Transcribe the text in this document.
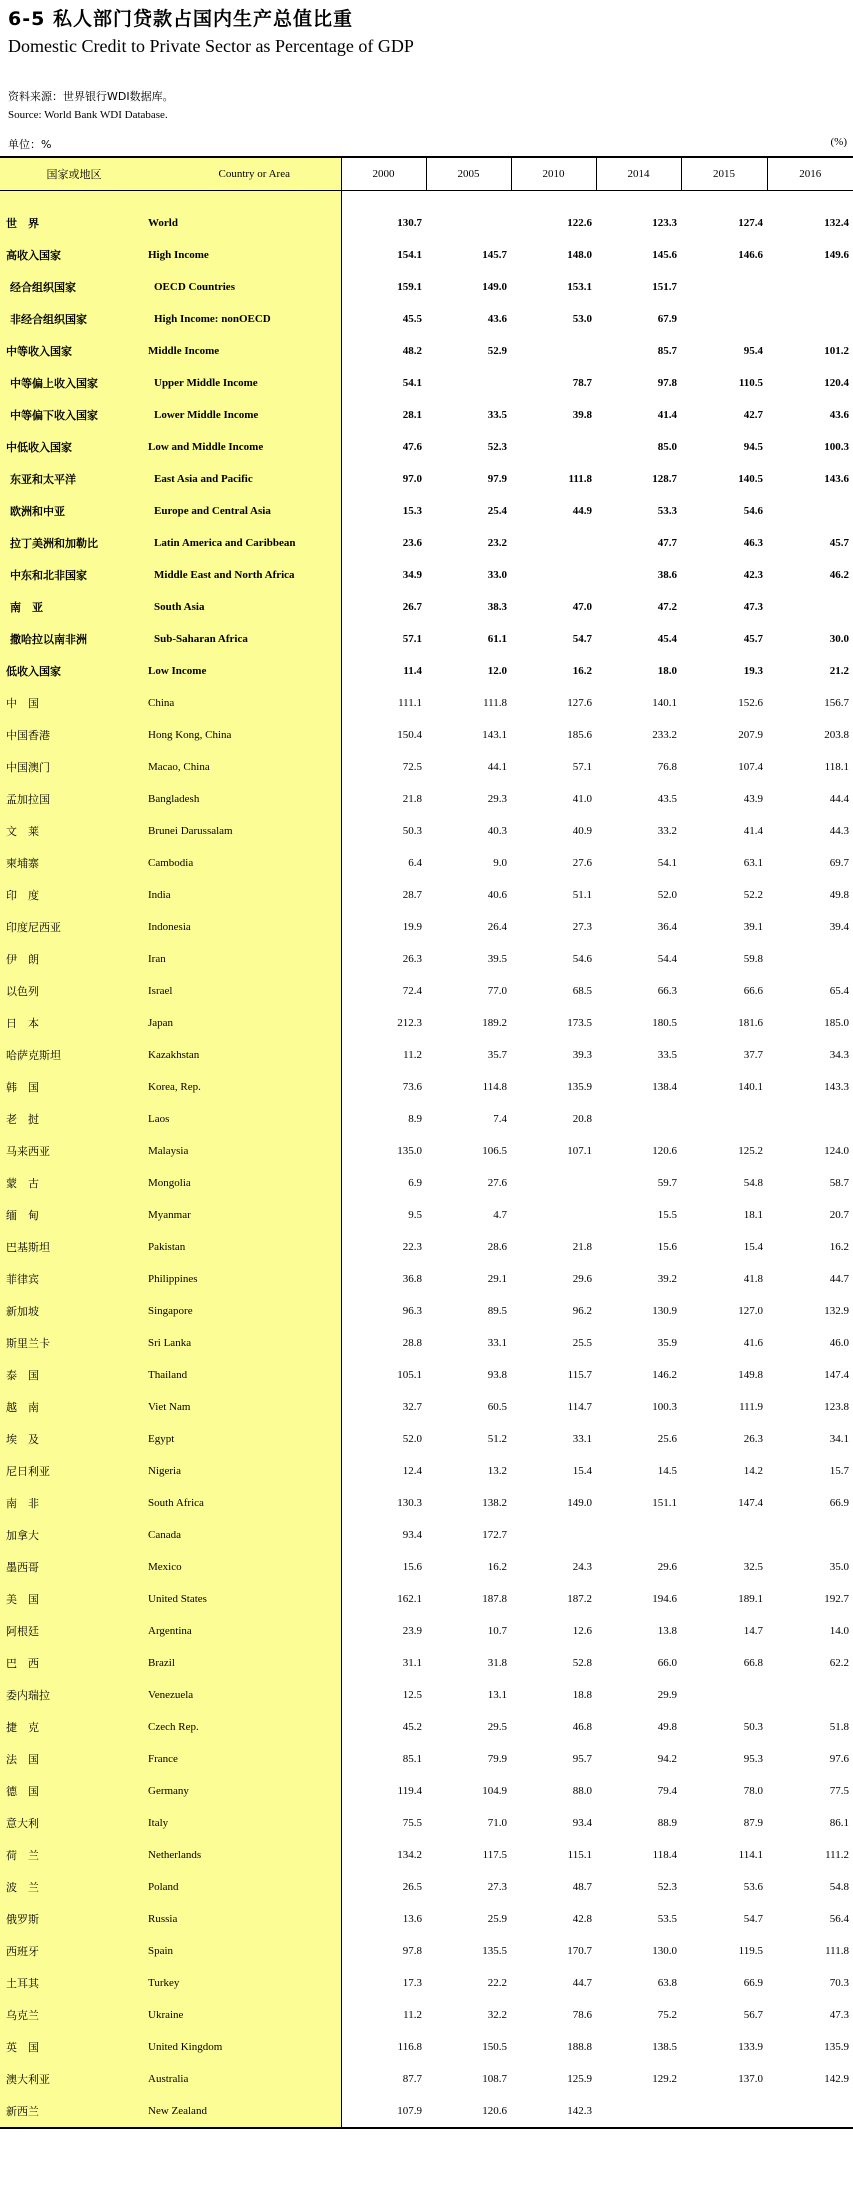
6-5 私人部门贷款占国内生产总值比重
Domestic Credit to Private Sector as Percentage of GDP
资料来源：世界银行WDI数据库。
Source: World Bank WDI Database.
单位：%	(%)
国家或地区 Country or Area	2000	2005	2010	2014	2015	2016

世　界 World	130.7		122.6	123.3	127.4	132.4
高收入国家 High Income	154.1	145.7	148.0	145.6	146.6	149.6
经合组织国家 OECD Countries	159.1	149.0	153.1	151.7		
非经合组织国家 High Income: nonOECD	45.5	43.6	53.0	67.9		
中等收入国家 Middle Income	48.2	52.9		85.7	95.4	101.2
中等偏上收入国家 Upper Middle Income	54.1		78.7	97.8	110.5	120.4
中等偏下收入国家 Lower Middle Income	28.1	33.5	39.8	41.4	42.7	43.6
中低收入国家 Low and Middle Income	47.6	52.3		85.0	94.5	100.3
东亚和太平洋 East Asia and Pacific	97.0	97.9	111.8	128.7	140.5	143.6
欧洲和中亚 Europe and Central Asia	15.3	25.4	44.9	53.3	54.6	
拉丁美洲和加勒比 Latin America and Caribbean	23.6	23.2		47.7	46.3	45.7
中东和北非国家 Middle East and North Africa	34.9	33.0		38.6	42.3	46.2
南　亚 South Asia	26.7	38.3	47.0	47.2	47.3	
撒哈拉以南非洲 Sub-Saharan Africa	57.1	61.1	54.7	45.4	45.7	30.0
低收入国家 Low Income	11.4	12.0	16.2	18.0	19.3	21.2
中　国 China	111.1	111.8	127.6	140.1	152.6	156.7
中国香港 Hong Kong, China	150.4	143.1	185.6	233.2	207.9	203.8
中国澳门 Macao, China	72.5	44.1	57.1	76.8	107.4	118.1
孟加拉国 Bangladesh	21.8	29.3	41.0	43.5	43.9	44.4
文　莱 Brunei Darussalam	50.3	40.3	40.9	33.2	41.4	44.3
柬埔寨 Cambodia	6.4	9.0	27.6	54.1	63.1	69.7
印　度 India	28.7	40.6	51.1	52.0	52.2	49.8
印度尼西亚 Indonesia	19.9	26.4	27.3	36.4	39.1	39.4
伊　朗 Iran	26.3	39.5	54.6	54.4	59.8	
以色列 Israel	72.4	77.0	68.5	66.3	66.6	65.4
日　本 Japan	212.3	189.2	173.5	180.5	181.6	185.0
哈萨克斯坦 Kazakhstan	11.2	35.7	39.3	33.5	37.7	34.3
韩　国 Korea, Rep.	73.6	114.8	135.9	138.4	140.1	143.3
老　挝 Laos	8.9	7.4	20.8			
马来西亚 Malaysia	135.0	106.5	107.1	120.6	125.2	124.0
蒙　古 Mongolia	6.9	27.6		59.7	54.8	58.7
缅　甸 Myanmar	9.5	4.7		15.5	18.1	20.7
巴基斯坦 Pakistan	22.3	28.6	21.8	15.6	15.4	16.2
菲律宾 Philippines	36.8	29.1	29.6	39.2	41.8	44.7
新加坡 Singapore	96.3	89.5	96.2	130.9	127.0	132.9
斯里兰卡 Sri Lanka	28.8	33.1	25.5	35.9	41.6	46.0
泰　国 Thailand	105.1	93.8	115.7	146.2	149.8	147.4
越　南 Viet Nam	32.7	60.5	114.7	100.3	111.9	123.8
埃　及 Egypt	52.0	51.2	33.1	25.6	26.3	34.1
尼日利亚 Nigeria	12.4	13.2	15.4	14.5	14.2	15.7
南　非 South Africa	130.3	138.2	149.0	151.1	147.4	66.9
加拿大 Canada	93.4	172.7				
墨西哥 Mexico	15.6	16.2	24.3	29.6	32.5	35.0
美　国 United States	162.1	187.8	187.2	194.6	189.1	192.7
阿根廷 Argentina	23.9	10.7	12.6	13.8	14.7	14.0
巴　西 Brazil	31.1	31.8	52.8	66.0	66.8	62.2
委内瑞拉 Venezuela	12.5	13.1	18.8	29.9		
捷　克 Czech Rep.	45.2	29.5	46.8	49.8	50.3	51.8
法　国 France	85.1	79.9	95.7	94.2	95.3	97.6
德　国 Germany	119.4	104.9	88.0	79.4	78.0	77.5
意大利 Italy	75.5	71.0	93.4	88.9	87.9	86.1
荷　兰 Netherlands	134.2	117.5	115.1	118.4	114.1	111.2
波　兰 Poland	26.5	27.3	48.7	52.3	53.6	54.8
俄罗斯 Russia	13.6	25.9	42.8	53.5	54.7	56.4
西班牙 Spain	97.8	135.5	170.7	130.0	119.5	111.8
土耳其 Turkey	17.3	22.2	44.7	63.8	66.9	70.3
乌克兰 Ukraine	11.2	32.2	78.6	75.2	56.7	47.3
英　国 United Kingdom	116.8	150.5	188.8	138.5	133.9	135.9
澳大利亚 Australia	87.7	108.7	125.9	129.2	137.0	142.9
新西兰 New Zealand	107.9	120.6	142.3			
